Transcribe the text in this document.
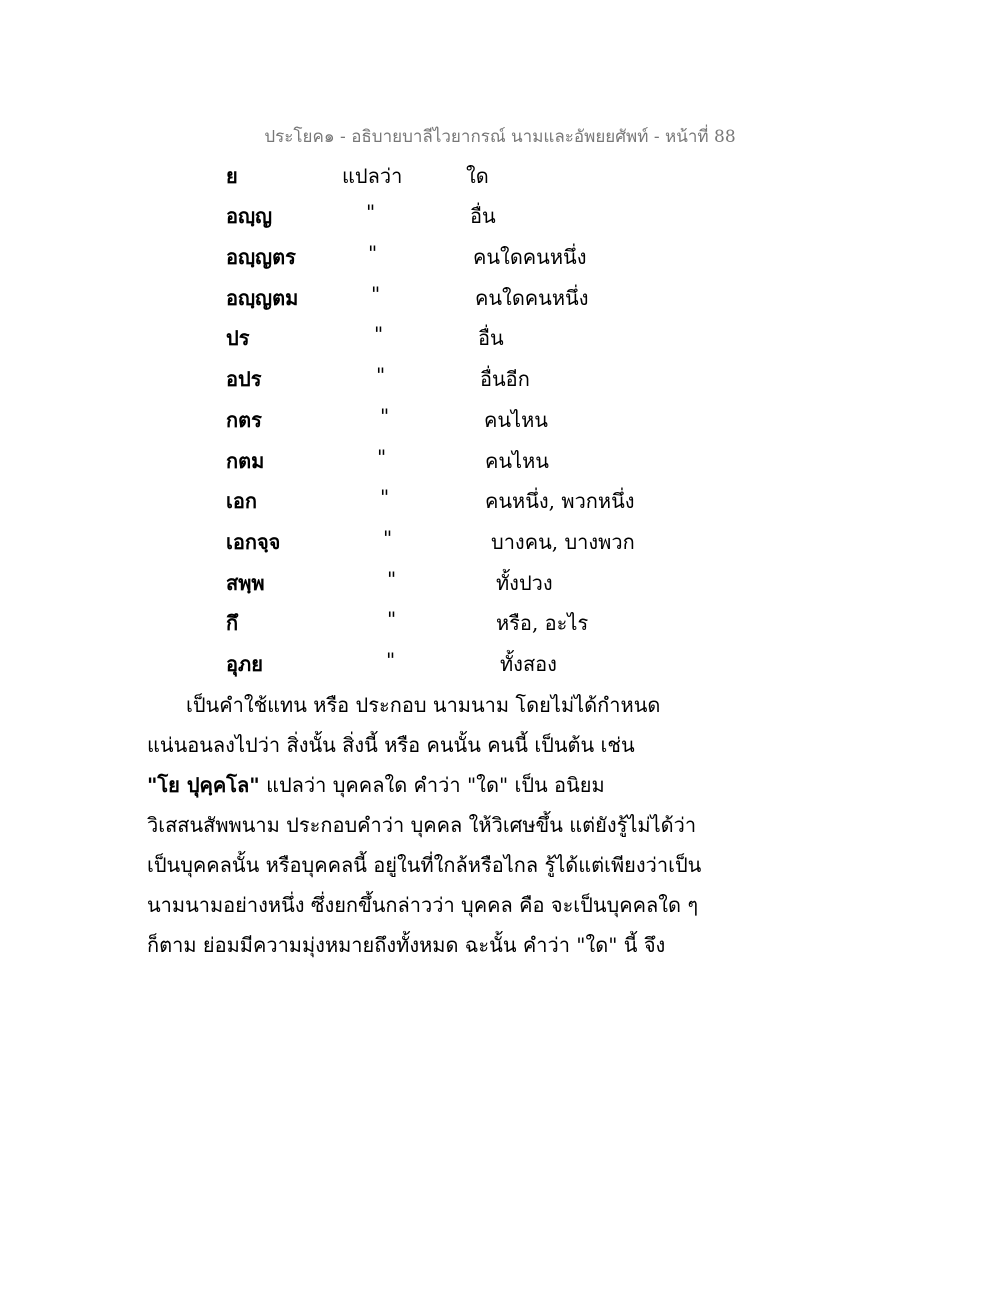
ประโยค๑ - อธิบายบาลีไวยากรณ์ นามและอัพยยศัพท์ - หน้าที่ 88
ย	แปลว่า	ใด
อญฺญ	"	อื่น
อญฺญตร	"	คนใดคนหนึ่ง
อญฺญตม	"	คนใดคนหนึ่ง
ปร	"	อื่น
อปร	"	อื่นอีก
กตร	"	คนไหน
กตม	"	คนไหน
เอก	"	คนหนึ่ง, พวกหนึ่ง
เอกจฺจ	"	บางคน, บางพวก
สพฺพ	"	ทั้งปวง
กึ	"	หรือ, อะไร
อุภย	"	ทั้งสอง
เป็นคำใช้แทน หรือ ประกอบ นามนาม โดยไม่ได้กำหนด
แน่นอนลงไปว่า สิ่งนั้น สิ่งนี้ หรือ คนนั้น คนนี้ เป็นต้น เช่น
"โย ปุคฺคโล" แปลว่า บุคคลใด คำว่า "ใด" เป็น อนิยม
วิเสสนสัพพนาม ประกอบคำว่า บุคคล ให้วิเศษขึ้น แต่ยังรู้ไม่ได้ว่า
เป็นบุคคลนั้น หรือบุคคลนี้ อยู่ในที่ใกล้หรือไกล รู้ได้แต่เพียงว่าเป็น
นามนามอย่างหนึ่ง ซึ่งยกขึ้นกล่าวว่า บุคคล คือ จะเป็นบุคคลใด ๆ
ก็ตาม ย่อมมีความมุ่งหมายถึงทั้งหมด ฉะนั้น คำว่า "ใด" นี้ จึง
